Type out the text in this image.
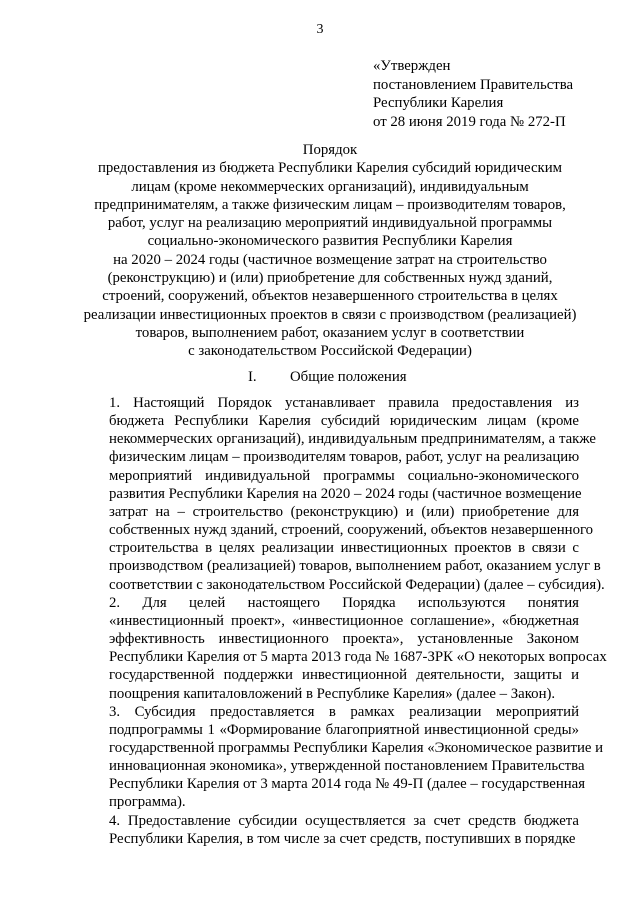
3
«Утвержден
постановлением Правительства
Республики Карелия
от 28 июня 2019 года № 272-П
Порядок
предоставления из бюджета Республики Карелия субсидий юридическим
лицам (кроме некоммерческих организаций), индивидуальным
предпринимателям, а также физическим лицам – производителям товаров,
работ, услуг на реализацию мероприятий индивидуальной программы
социально-экономического развития Республики Карелия
на 2020 – 2024 годы (частичное возмещение затрат на строительство
(реконструкцию) и (или) приобретение для собственных нужд зданий,
строений, сооружений, объектов незавершенного строительства в целях
реализации инвестиционных проектов в связи с производством (реализацией)
товаров, выполнением работ, оказанием услуг в соответствии
с законодательством Российской Федерации)
I. Общие положения

1. Настоящий Порядок устанавливает правила предоставления из
бюджета Республики Карелия субсидий юридическим лицам (кроме
некоммерческих организаций), индивидуальным предпринимателям, а также
физическим лицам – производителям товаров, работ, услуг на реализацию
мероприятий индивидуальной программы социально-экономического
развития Республики Карелия на 2020 – 2024 годы (частичное возмещение
затрат на – строительство (реконструкцию) и (или) приобретение для
собственных нужд зданий, строений, сооружений, объектов незавершенного
строительства в целях реализации инвестиционных проектов в связи с
производством (реализацией) товаров, выполнением работ, оказанием услуг в
соответствии с законодательством Российской Федерации) (далее – субсидия).

2. Для целей настоящего Порядка используются понятия
«инвестиционный проект», «инвестиционное соглашение», «бюджетная
эффективность инвестиционного проекта», установленные Законом
Республики Карелия от 5 марта 2013 года № 1687-ЗРК «О некоторых вопросах
государственной поддержки инвестиционной деятельности, защиты и
поощрения капиталовложений в Республике Карелия» (далее – Закон).

3. Субсидия предоставляется в рамках реализации мероприятий
подпрограммы 1 «Формирование благоприятной инвестиционной среды»
государственной программы Республики Карелия «Экономическое развитие и
инновационная экономика», утвержденной постановлением Правительства
Республики Карелия от 3 марта 2014 года № 49-П (далее – государственная
программа).

4. Предоставление субсидии осуществляется за счет средств бюджета
Республики Карелия, в том числе за счет средств, поступивших в порядке
